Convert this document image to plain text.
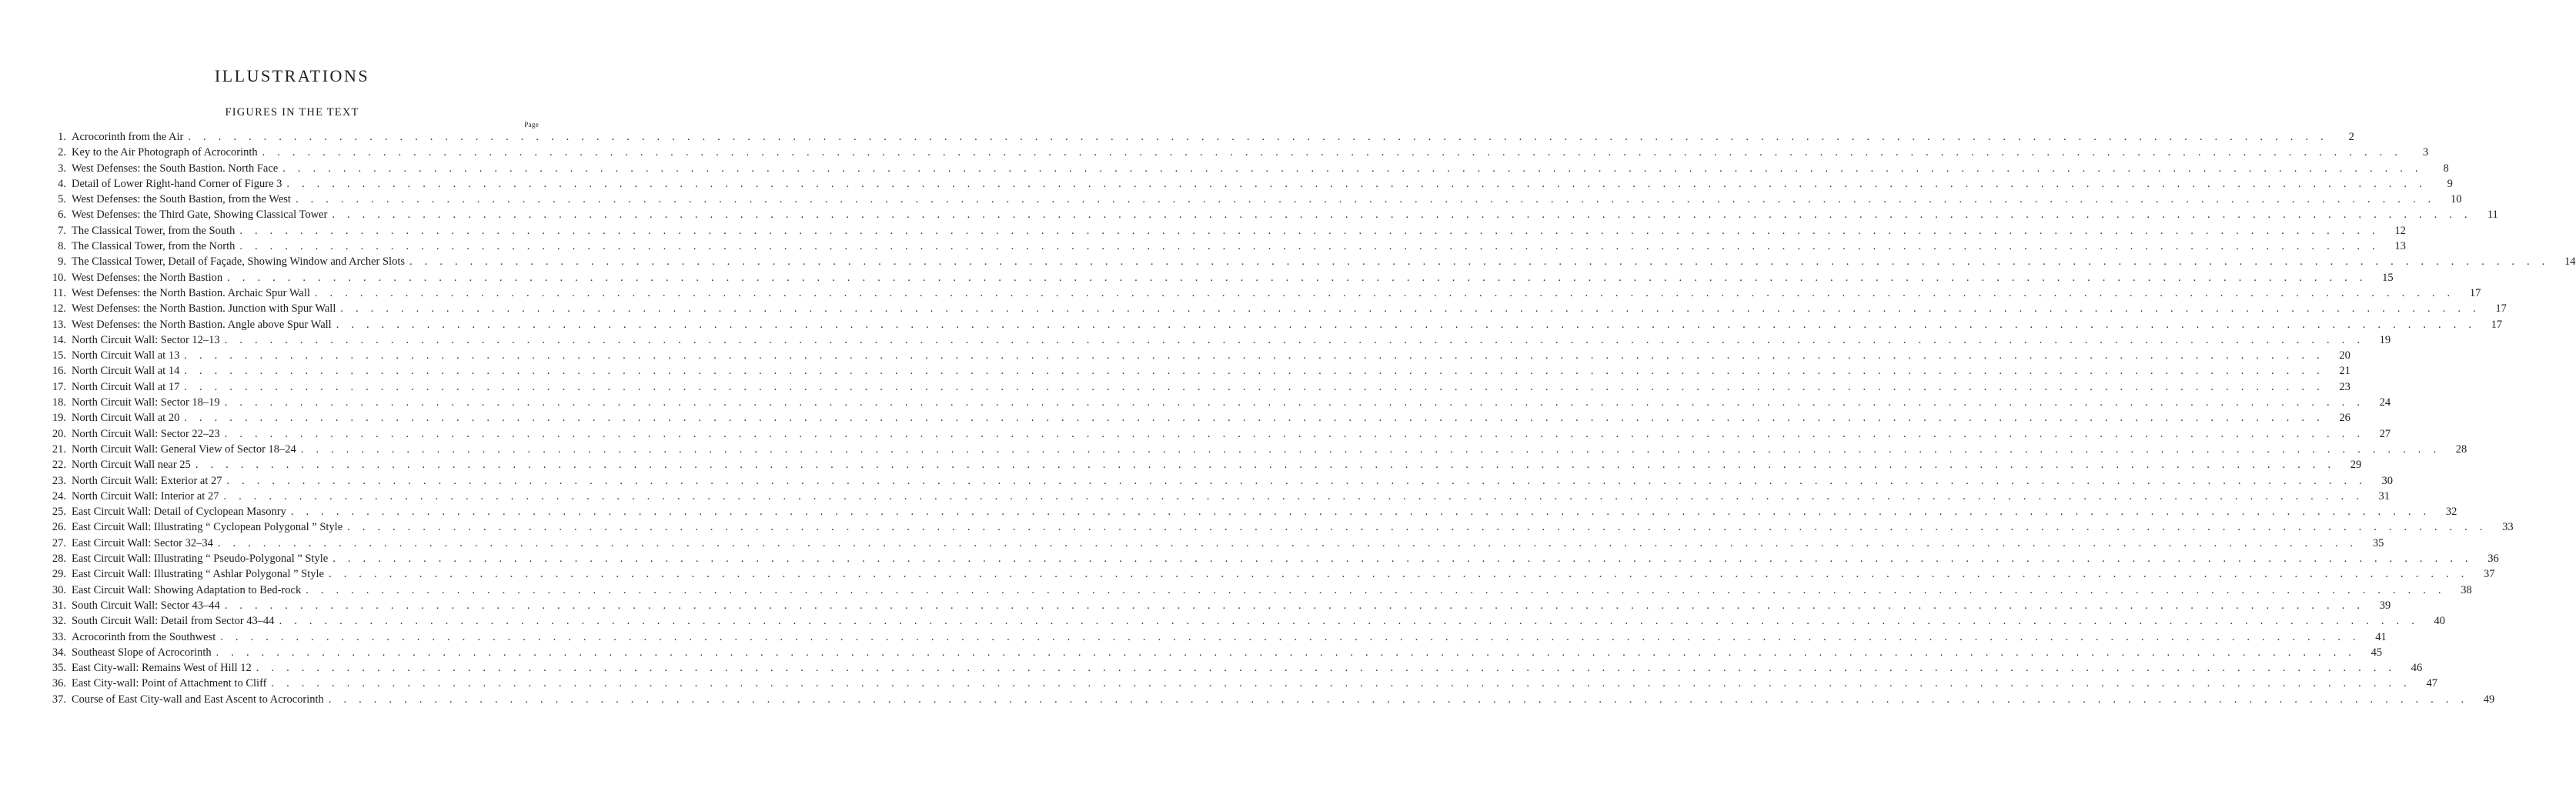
ILLUSTRATIONS
FIGURES IN THE TEXT
Page
1. Acrocorinth from the Air . . .	2
2. Key to the Air Photograph of Acrocorinth . . .	3
3. West Defenses: the South Bastion. North Face . . .	8
4. Detail of Lower Right-hand Corner of Figure 3 . . .	9
5. West Defenses: the South Bastion, from the West . . .	10
6. West Defenses: the Third Gate, Showing Classical Tower . . .	11
7. The Classical Tower, from the South . . .	12
8. The Classical Tower, from the North . . .	13
9. The Classical Tower, Detail of Façade, Showing Window and Archer Slots . . .	14
10. West Defenses: the North Bastion . . .	15
11. West Defenses: the North Bastion. Archaic Spur Wall . . .	17
12. West Defenses: the North Bastion. Junction with Spur Wall . . .	17
13. West Defenses: the North Bastion. Angle above Spur Wall . . .	17
14. North Circuit Wall: Sector 12–13 . . .	19
15. North Circuit Wall at 13 . . .	20
16. North Circuit Wall at 14 . . .	21
17. North Circuit Wall at 17 . . .	23
18. North Circuit Wall: Sector 18–19 . . .	24
19. North Circuit Wall at 20 . . .	26
20. North Circuit Wall: Sector 22–23 . . .	27
21. North Circuit Wall: General View of Sector 18–24 . . .	28
22. North Circuit Wall near 25 . . .	29
23. North Circuit Wall: Exterior at 27 . . .	30
24. North Circuit Wall: Interior at 27 . . .	31
25. East Circuit Wall: Detail of Cyclopean Masonry . . .	32
26. East Circuit Wall: Illustrating “ Cyclopean Polygonal ” Style . . .	33
27. East Circuit Wall: Sector 32–34 . . .	35
28. East Circuit Wall: Illustrating “ Pseudo-Polygonal ” Style . . .	36
29. East Circuit Wall: Illustrating “ Ashlar Polygonal ” Style . . .	37
30. East Circuit Wall: Showing Adaptation to Bed-rock . . .	38
31. South Circuit Wall: Sector 43–44 . . .	39
32. South Circuit Wall: Detail from Sector 43–44 . . .	40
33. Acrocorinth from the Southwest . . .	41
34. Southeast Slope of Acrocorinth . . .	45
35. East City-wall: Remains West of Hill 12 . . .	46
36. East City-wall: Point of Attachment to Cliff . . .	47
37. Course of East City-wall and East Ascent to Acrocorinth . . .	49
